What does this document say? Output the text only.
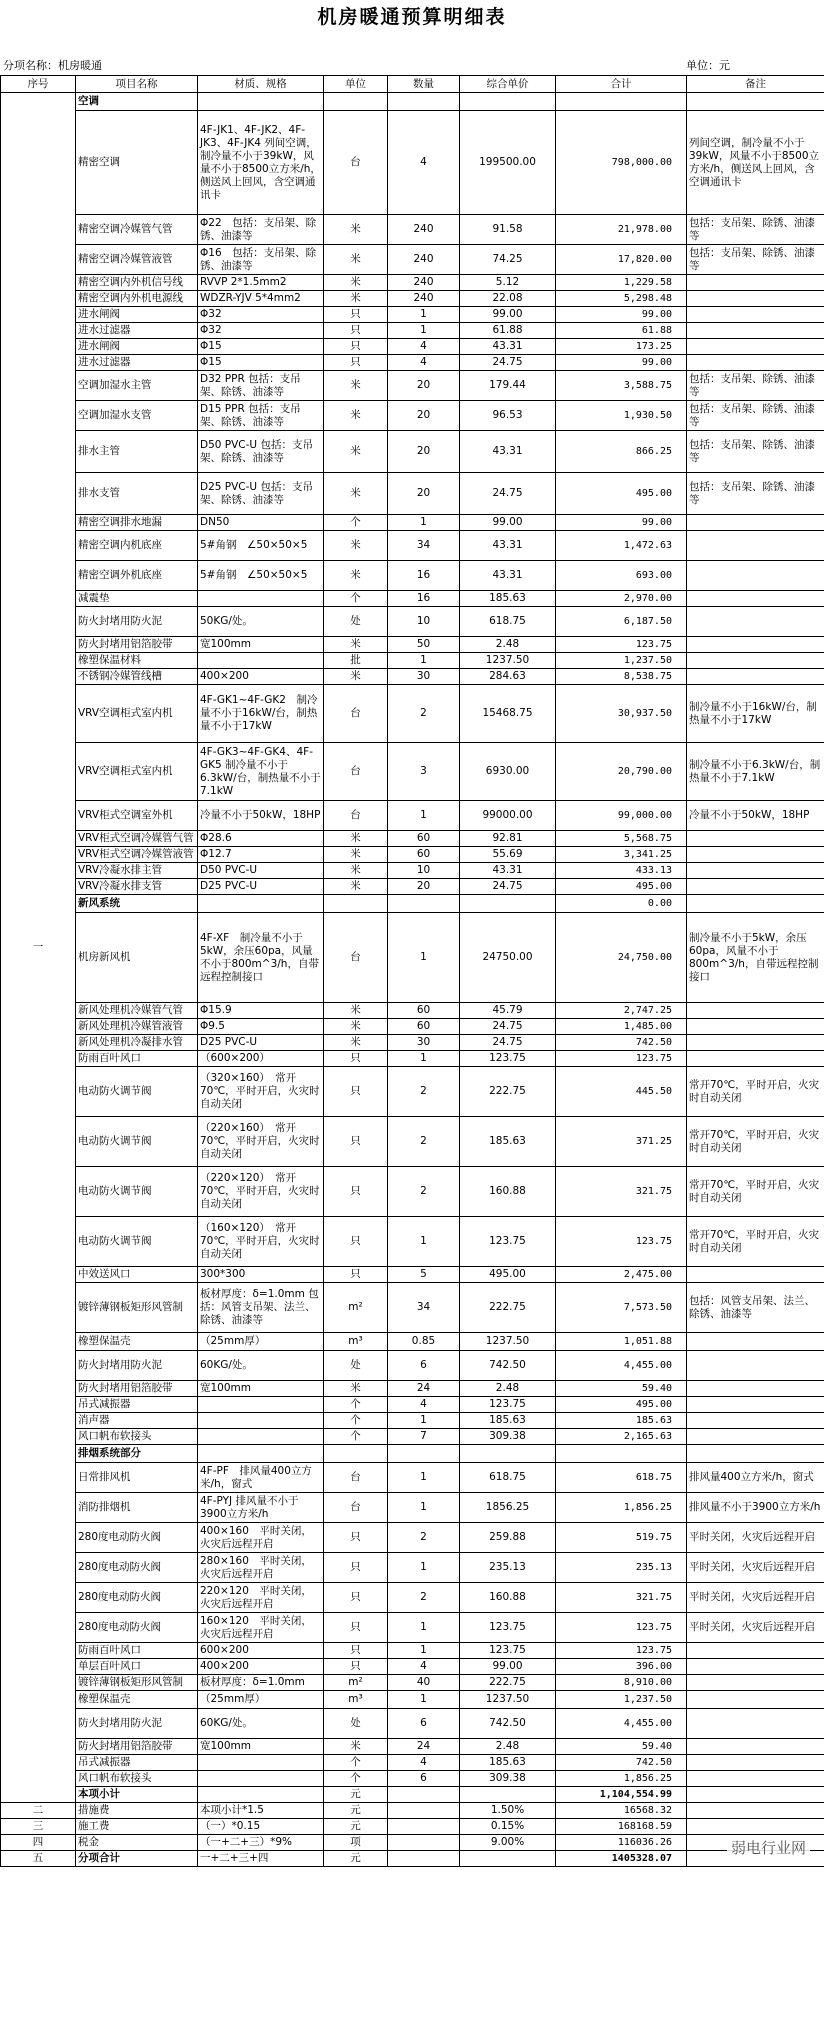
机房暖通预算明细表
分项名称：机房暖通	单位：元
序号	项目名称	材质、规格	单位	数量	综合单价	合计	备注
一	空调						
	精密空调	4F-JK1、4F-JK2、4F-JK3、4F-JK4 列间空调，制冷量不小于39kW，风量不小于8500立方米/h，侧送风上回风，含空调通讯卡	台	4	199500.00	798,000.00	列间空调，制冷量不小于39kW，风量不小于8500立方米/h，侧送风上回风，含空调通讯卡
	精密空调冷媒管气管	Φ22　包括：支吊架、除锈、油漆等	米	240	91.58	21,978.00	包括：支吊架、除锈、油漆等
	精密空调冷媒管液管	Φ16　包括：支吊架、除锈、油漆等	米	240	74.25	17,820.00	包括：支吊架、除锈、油漆等
	精密空调内外机信号线	RVVP 2*1.5mm2	米	240	5.12	1,229.58	
	精密空调内外机电源线	WDZR-YJV 5*4mm2	米	240	22.08	5,298.48	
	进水闸阀	Φ32	只	1	99.00	99.00	
	进水过滤器	Φ32	只	1	61.88	61.88	
	进水闸阀	Φ15	只	4	43.31	173.25	
	进水过滤器	Φ15	只	4	24.75	99.00	
	空调加湿水主管	D32 PPR 包括：支吊架、除锈、油漆等	米	20	179.44	3,588.75	包括：支吊架、除锈、油漆等
	空调加湿水支管	D15 PPR 包括：支吊架、除锈、油漆等	米	20	96.53	1,930.50	包括：支吊架、除锈、油漆等
	排水主管	D50 PVC-U 包括：支吊架、除锈、油漆等	米	20	43.31	866.25	包括：支吊架、除锈、油漆等
	排水支管	D25 PVC-U 包括：支吊架、除锈、油漆等	米	20	24.75	495.00	包括：支吊架、除锈、油漆等
	精密空调排水地漏	DN50	个	1	99.00	99.00	
	精密空调内机底座	5#角钢　∠50×50×5	米	34	43.31	1,472.63	
	精密空调外机底座	5#角钢　∠50×50×5	米	16	43.31	693.00	
	减震垫		个	16	185.63	2,970.00	
	防火封堵用防火泥	50KG/处。	处	10	618.75	6,187.50	
	防火封堵用铝箔胶带	宽100mm	米	50	2.48	123.75	
	橡塑保温材料		批	1	1237.50	1,237.50	
	不锈钢冷媒管线槽	400×200	米	30	284.63	8,538.75	
	VRV空调柜式室内机	4F-GK1~4F-GK2　制冷量不小于16kW/台，制热量不小于17kW	台	2	15468.75	30,937.50	制冷量不小于16kW/台，制热量不小于17kW
	VRV空调柜式室内机	4F-GK3~4F-GK4、4F-GK5 制冷量不小于6.3kW/台，制热量不小于7.1kW	台	3	6930.00	20,790.00	制冷量不小于6.3kW/台，制热量不小于7.1kW
	VRV柜式空调室外机	冷量不小于50kW，18HP	台	1	99000.00	99,000.00	冷量不小于50kW，18HP
	VRV柜式空调冷媒管气管	Φ28.6	米	60	92.81	5,568.75	
	VRV柜式空调冷媒管液管	Φ12.7	米	60	55.69	3,341.25	
	VRV冷凝水排主管	D50 PVC-U	米	10	43.31	433.13	
	VRV冷凝水排支管	D25 PVC-U	米	20	24.75	495.00	
	新风系统					0.00	
	机房新风机	4F-XF　制冷量不小于5kW，余压60pa，风量不小于800m^3/h，自带远程控制接口	台	1	24750.00	24,750.00	制冷量不小于5kW，余压60pa，风量不小于800m^3/h，自带远程控制接口
	新风处理机冷媒管气管	Φ15.9	米	60	45.79	2,747.25	
	新风处理机冷媒管液管	Φ9.5	米	60	24.75	1,485.00	
	新风处理机冷凝排水管	D25 PVC-U	米	30	24.75	742.50	
	防雨百叶风口	（600×200）	只	1	123.75	123.75	
	电动防火调节阀	（320×160）　常开70℃，平时开启，火灾时自动关闭	只	2	222.75	445.50	常开70℃，平时开启，火灾时自动关闭
	电动防火调节阀	（220×160）　常开70℃，平时开启，火灾时自动关闭	只	2	185.63	371.25	常开70℃，平时开启，火灾时自动关闭
	电动防火调节阀	（220×120）　常开70℃，平时开启，火灾时自动关闭	只	2	160.88	321.75	常开70℃，平时开启，火灾时自动关闭
	电动防火调节阀	（160×120）　常开70℃，平时开启，火灾时自动关闭	只	1	123.75	123.75	常开70℃，平时开启，火灾时自动关闭
	中效送风口	300*300	只	5	495.00	2,475.00	
	镀锌薄钢板矩形风管制	板材厚度：δ=1.0mm 包括：风管支吊架、法兰、除锈、油漆等	m²	34	222.75	7,573.50	包括：风管支吊架、法兰、除锈、油漆等
	橡塑保温壳	（25mm厚）	m³	0.85	1237.50	1,051.88	
	防火封堵用防火泥	60KG/处。	处	6	742.50	4,455.00	
	防火封堵用铝箔胶带	宽100mm	米	24	2.48	59.40	
	吊式减振器		个	4	123.75	495.00	
	消声器		个	1	185.63	185.63	
	风口帆布软接头		个	7	309.38	2,165.63	
	排烟系统部分						
	日常排风机	4F-PF　排风量400立方米/h，窗式	台	1	618.75	618.75	排风量400立方米/h，窗式
	消防排烟机	4F-PYJ 排风量不小于3900立方米/h	台	1	1856.25	1,856.25	排风量不小于3900立方米/h
	280度电动防火阀	400×160　平时关闭，火灾后远程开启	只	2	259.88	519.75	平时关闭，火灾后远程开启
	280度电动防火阀	280×160　平时关闭，火灾后远程开启	只	1	235.13	235.13	平时关闭，火灾后远程开启
	280度电动防火阀	220×120　平时关闭，火灾后远程开启	只	2	160.88	321.75	平时关闭，火灾后远程开启
	280度电动防火阀	160×120　平时关闭，火灾后远程开启	只	1	123.75	123.75	平时关闭，火灾后远程开启
	防雨百叶风口	600×200	只	1	123.75	123.75	
	单层百叶风口	400×200	只	4	99.00	396.00	
	镀锌薄钢板矩形风管制	板材厚度：δ=1.0mm	m²	40	222.75	8,910.00	
	橡塑保温壳	（25mm厚）	m³	1	1237.50	1,237.50	
	防火封堵用防火泥	60KG/处。	处	6	742.50	4,455.00	
	防火封堵用铝箔胶带	宽100mm	米	24	2.48	59.40	
	吊式减振器		个	4	185.63	742.50	
	风口帆布软接头		个	6	309.38	1,856.25	
	本项小计		元			1,104,554.99	
二	措施费	本项小计*1.5	元		1.50%	16568.32	
三	施工费	（一）*0.15	元		0.15%	168168.59	
四	税金	（一+二+三）*9%	项		9.00%	116036.26	
五	分项合计	一+二+三+四	元			1405328.07	
弱电行业网
